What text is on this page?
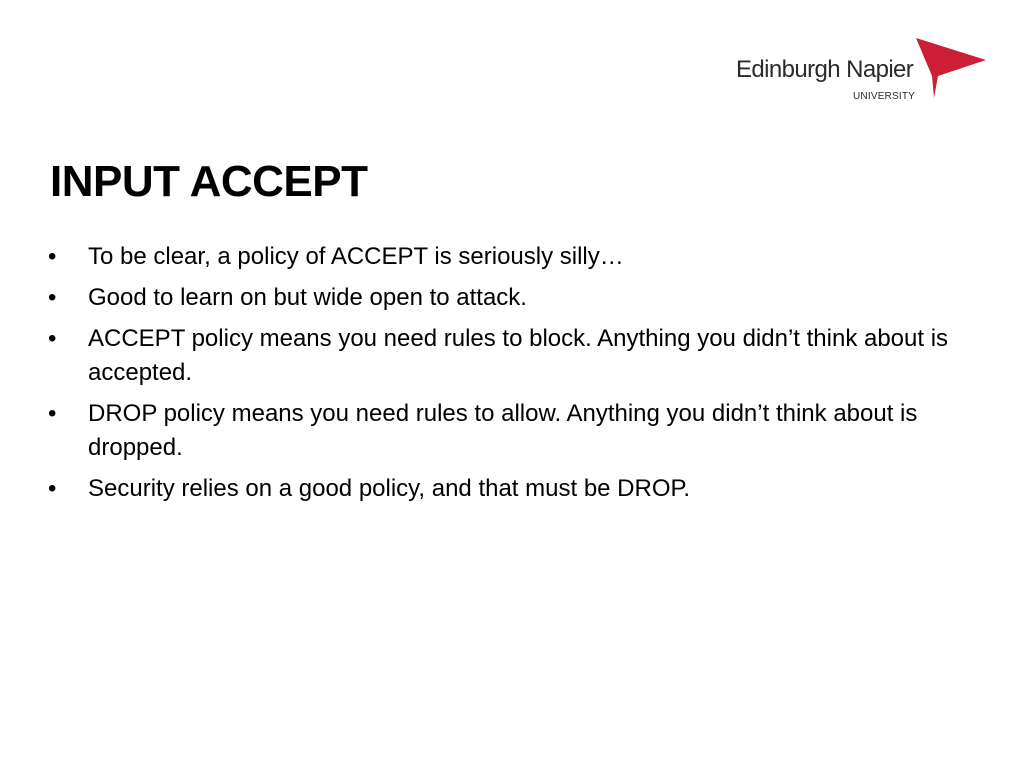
Edinburgh Napier
UNIVERSITY
INPUT ACCEPT
• To be clear, a policy of ACCEPT is seriously silly…
• Good to learn on but wide open to attack.
• ACCEPT policy means you need rules to block. Anything you didn’t think about is accepted.
• DROP policy means you need rules to allow. Anything you didn’t think about is dropped.
• Security relies on a good policy, and that must be DROP.
